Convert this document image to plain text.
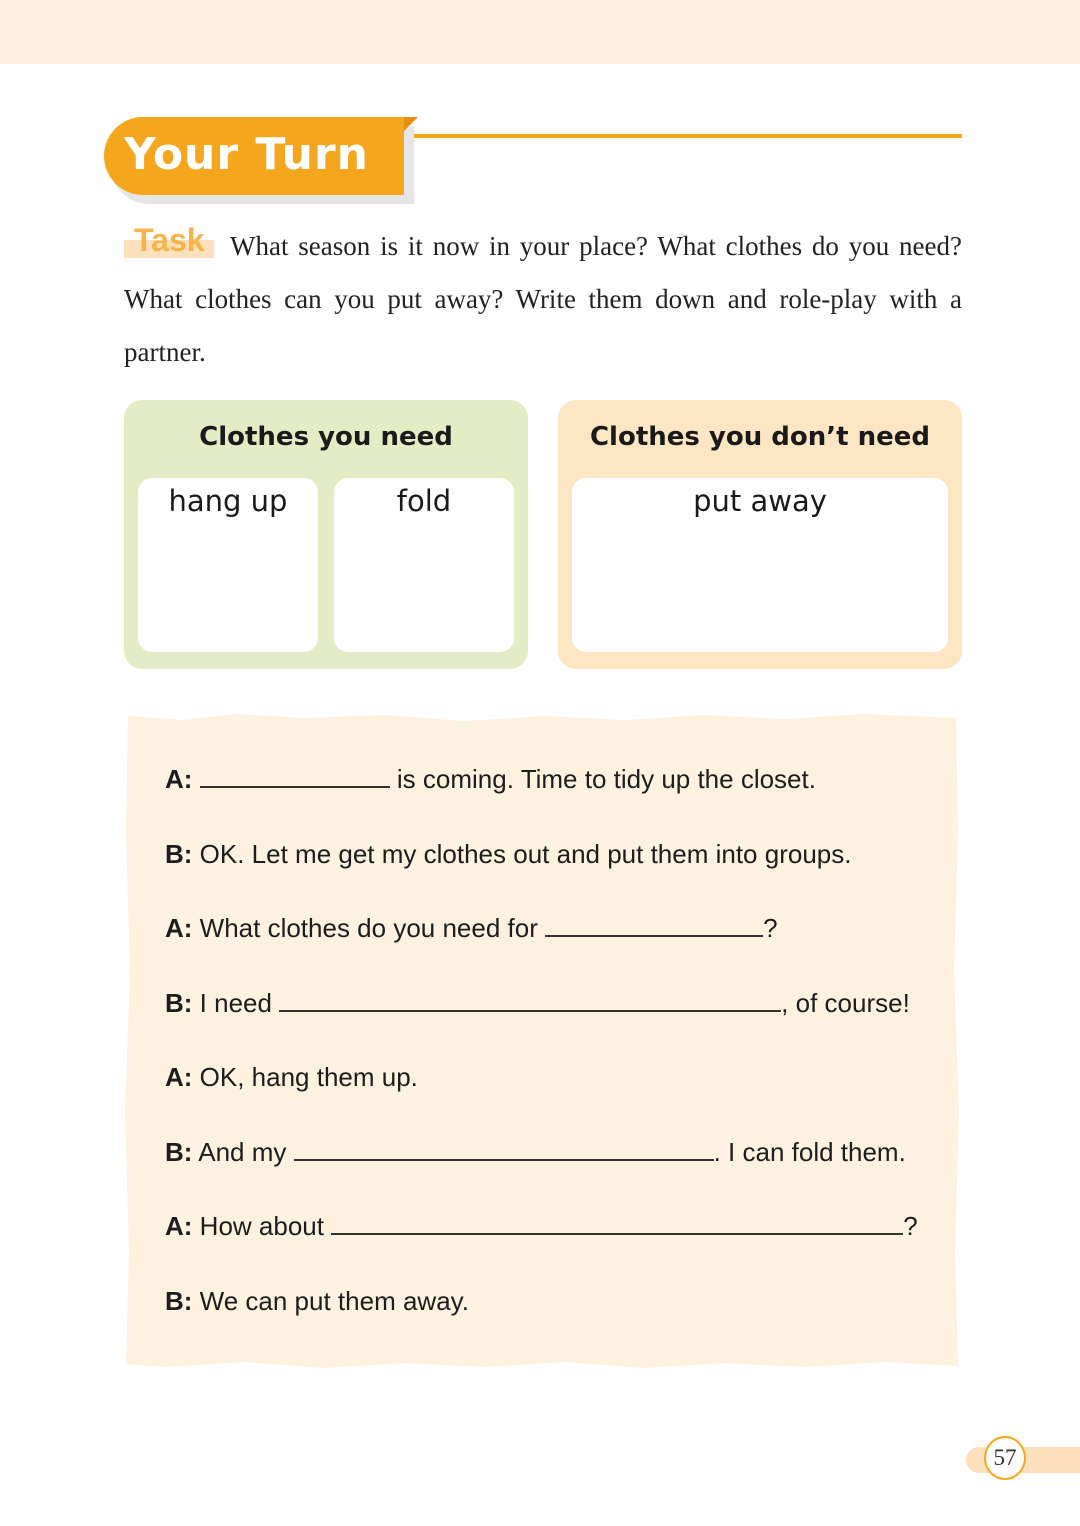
Your Turn
Task What season is it now in your place? What clothes do you need? What clothes can you put away? Write them down and role-play with a partner.
Clothes you need
hang up	fold
Clothes you don’t need
put away
A:	is coming. Time to tidy up the closet.
B: OK. Let me get my clothes out and put them into groups.
A: What clothes do you need for	?
B: I need	, of course!
A: OK, hang them up.
B: And my	. I can fold them.
A: How about	?
B: We can put them away.
57
